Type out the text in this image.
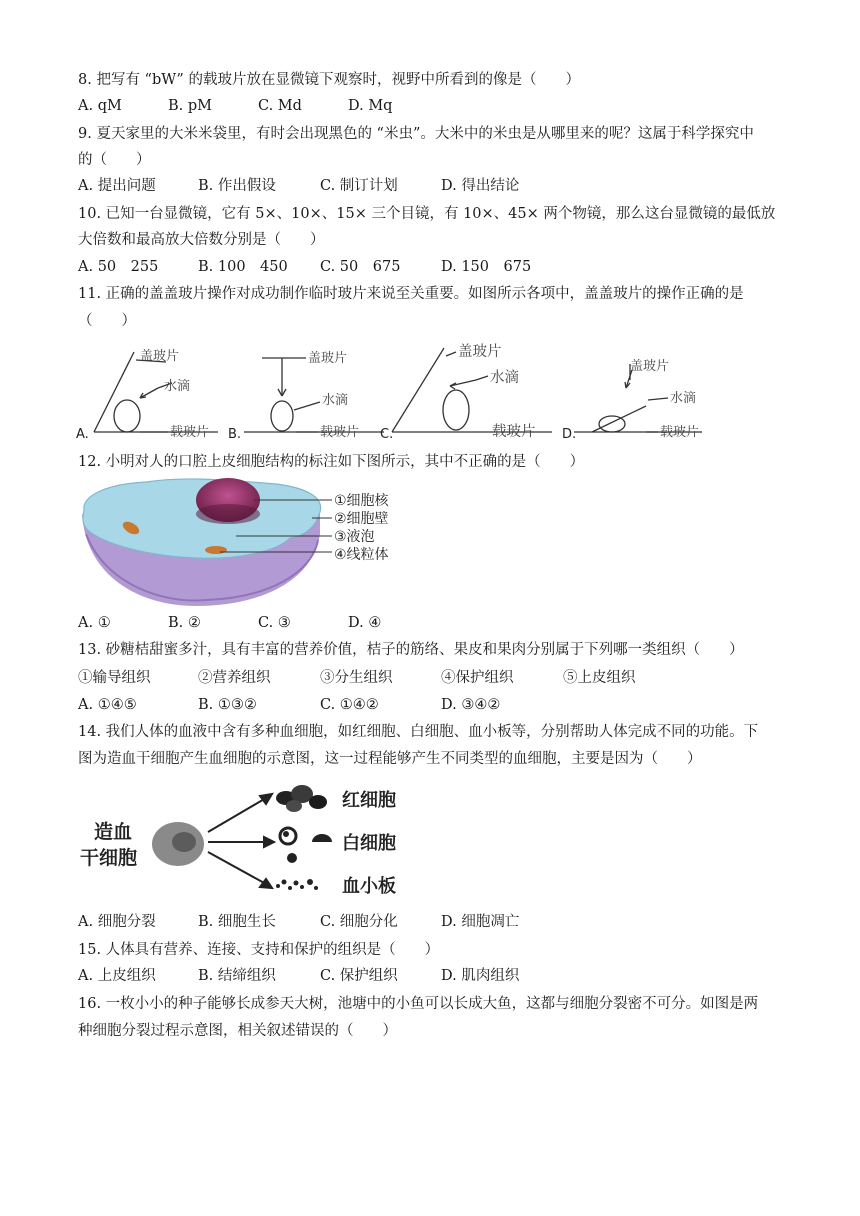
8. 把写有 “bW” 的载玻片放在显微镜下观察时，视野中所看到的像是（　　）
A. qM	B. pM	C. Md	D. Mq
9. 夏天家里的大米米袋里，有时会出现黑色的 “米虫”。大米中的米虫是从哪里来的呢？这属于科学探究中
的（　　）
A. 提出问题	B. 作出假设	C. 制订计划	D. 得出结论
10. 已知一台显微镜，它有 5×、10×、15× 三个目镜，有 10×、45× 两个物镜，那么这台显微镜的最低放
大倍数和最高放大倍数分别是（　　）
A. 50　255	B. 100　450 C. 50　675	D. 150　675
11. 正确的盖盖玻片操作对成功制作临时玻片来说至关重要。如图所示各项中，盖盖玻片的操作正确的是
（　　）
盖玻片
水滴
载玻片
盖玻片
水滴
载玻片
盖玻片
水滴
载玻片
盖玻片
水滴
载玻片
A.	B.	C.	D.
12. 小明对人的口腔上皮细胞结构的标注如下图所示，其中不正确的是（　　）
①细胞核
②细胞壁
③液泡
④线粒体
A. ①	B. ②	C. ③	D. ④
13. 砂糖桔甜蜜多汁，具有丰富的营养价值，桔子的筋络、果皮和果肉分别属于下列哪一类组织（　　）
①输导组织	②营养组织	③分生组织	④保护组织	⑤上皮组织
A. ①④⑤	B. ①③②	C. ①④②	D. ③④②
14. 我们人体的血液中含有多种血细胞，如红细胞、白细胞、血小板等，分别帮助人体完成不同的功能。下
图为造血干细胞产生血细胞的示意图，这一过程能够产生不同类型的血细胞，主要是因为（　　）
造血
干细胞
红细胞
白细胞
血小板
A. 细胞分裂	B. 细胞生长	C. 细胞分化	D. 细胞凋亡
15. 人体具有营养、连接、支持和保护的组织是（　　）
A. 上皮组织	B. 结缔组织	C. 保护组织	D. 肌肉组织
16. 一枚小小的种子能够长成参天大树，池塘中的小鱼可以长成大鱼，这都与细胞分裂密不可分。如图是两
种细胞分裂过程示意图，相关叙述错误的（　　）
